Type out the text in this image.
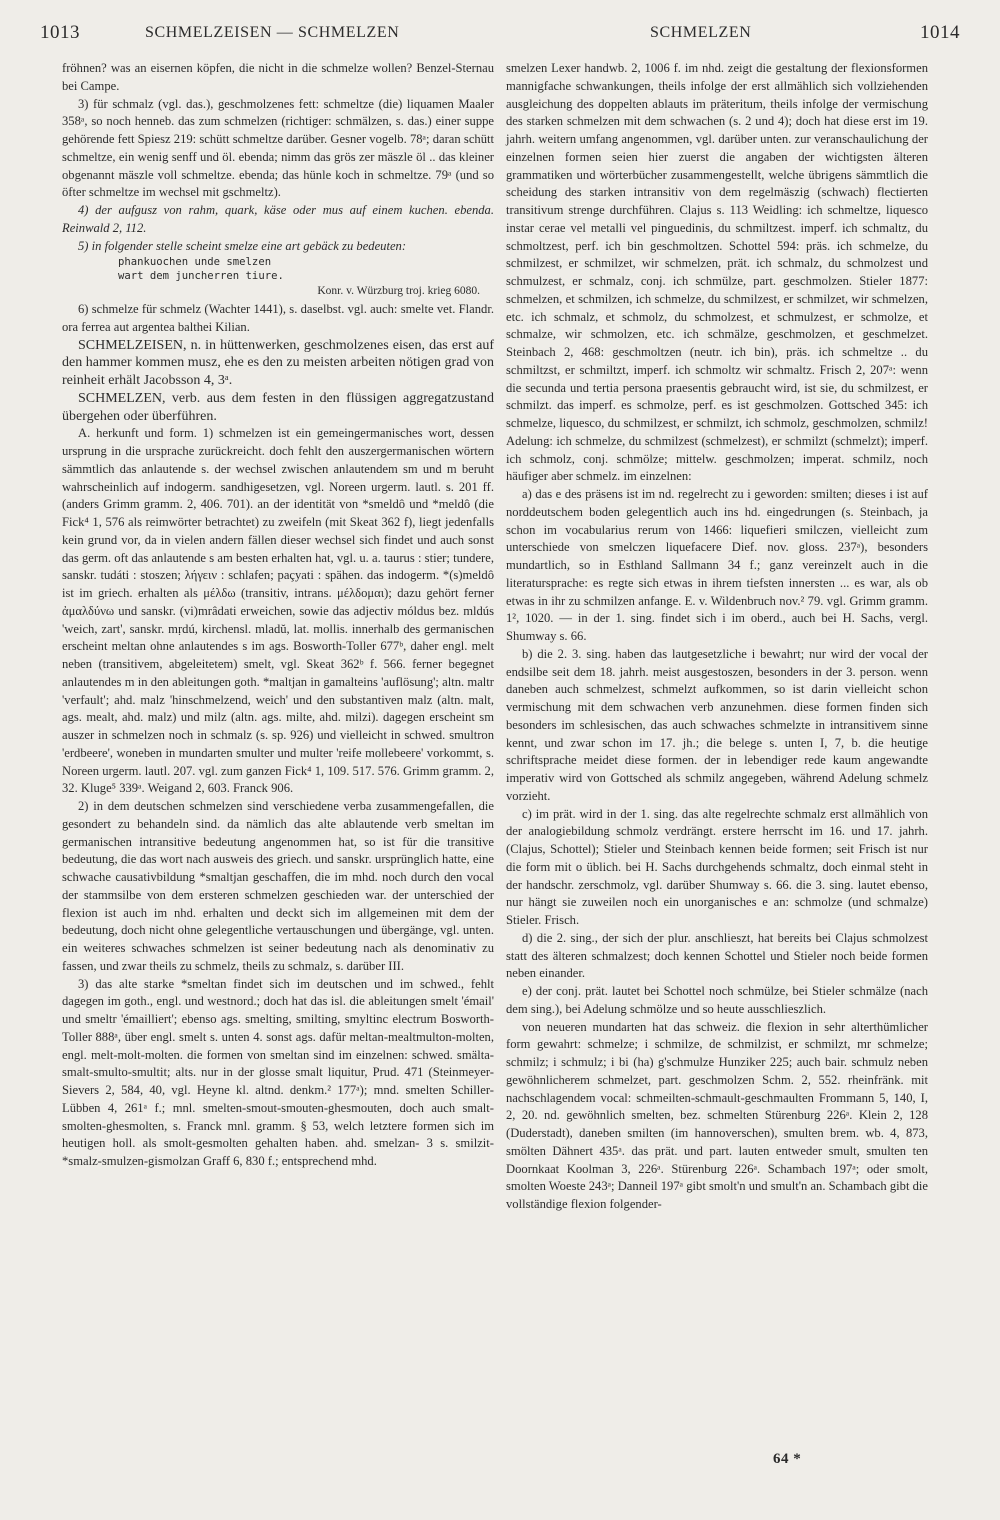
1013	SCHMELZEISEN — SCHMELZEN	SCHMELZEN	1014

fröhnen? was an eisernen köpfen, die nicht in die schmelze wollen? Benzel-Sternau bei Campe.

3) für schmalz (vgl. das.), geschmolzenes fett: schmeltze (die) liquamen Maaler 358ᵃ, so noch henneb. das zum schmelzen (richtiger: schmälzen, s. das.) einer suppe gehörende fett Spiesz 219: schütt schmeltze darüber. Gesner vogelb. 78ᵃ; daran schütt schmeltze, ein wenig senff und öl. ebenda; nimm das grös zer mäszle öl .. das kleiner obgenannt mäszle voll schmeltze. ebenda; das hünle koch in schmeltze. 79ᵃ (und so öfter schmeltze im wechsel mit gschmeltz).

4) der aufgusz von rahm, quark, käse oder mus auf einem kuchen. ebenda. Reinwald 2, 112.

5) in folgender stelle scheint smelze eine art gebäck zu bedeuten:

phankuochen unde smelzen

wart dem juncherren tiure.

Konr. v. Würzburg troj. krieg 6080.

6) schmelze für schmelz (Wachter 1441), s. daselbst. vgl. auch: smelte vet. Flandr. ora ferrea aut argentea balthei Kilian.

SCHMELZEISEN, n. in hüttenwerken, geschmolzenes eisen, das erst auf den hammer kommen musz, ehe es den zu meisten arbeiten nötigen grad von reinheit erhält Jacobsson 4, 3ᵃ.

SCHMELZEN, verb. aus dem festen in den flüssigen aggregatzustand übergehen oder überführen.

A. herkunft und form. 1) schmelzen ist ein gemeingermanisches wort, dessen ursprung in die ursprache zurückreicht. doch fehlt den auszergermanischen wörtern sämmtlich das anlautende s. der wechsel zwischen anlautendem sm und m beruht wahrscheinlich auf indogerm. sandhigesetzen, vgl. Noreen urgerm. lautl. s. 201 ff. (anders Grimm gramm. 2, 406. 701). an der identität von *smeldô und *meldô (die Fick⁴ 1, 576 als reimwörter betrachtet) zu zweifeln (mit Skeat 362 f), liegt jedenfalls kein grund vor, da in vielen andern fällen dieser wechsel sich findet und auch sonst das germ. oft das anlautende s am besten erhalten hat, vgl. u. a. taurus : stier; tundere, sanskr. tudáti : stoszen; λήγειν : schlafen; paçyati : spähen. das indogerm. *(s)meldô ist im griech. erhalten als μέλδω (transitiv, intrans. μέλδομαι); dazu gehört ferner ἀμαλδύνω und sanskr. (vi)mrâdati erweichen, sowie das adjectiv móldus bez. mldús 'weich, zart', sanskr. mṛdú, kirchensl. mladŭ, lat. mollis. innerhalb des germanischen erscheint meltan ohne anlautendes s im ags. Bosworth-Toller 677ᵇ, daher engl. melt neben (transitivem, abgeleitetem) smelt, vgl. Skeat 362ᵇ f. 566. ferner begegnet anlautendes m in den ableitungen goth. *maltjan in gamalteins 'auflösung'; altn. maltr 'verfault'; ahd. malz 'hinschmelzend, weich' und den substantiven malz (altn. malt, ags. mealt, ahd. malz) und milz (altn. ags. milte, ahd. milzi). dagegen erscheint sm auszer in schmelzen noch in schmalz (s. sp. 926) und vielleicht in schwed. smultron 'erdbeere', woneben in mundarten smulter und multer 'reife mollebeere' vorkommt, s. Noreen urgerm. lautl. 207. vgl. zum ganzen Fick⁴ 1, 109. 517. 576. Grimm gramm. 2, 32. Kluge⁵ 339ᵃ. Weigand 2, 603. Franck 906.

2) in dem deutschen schmelzen sind verschiedene verba zusammengefallen, die gesondert zu behandeln sind. da nämlich das alte ablautende verb smeltan im germanischen intransitive bedeutung angenommen hat, so ist für die transitive bedeutung, die das wort nach ausweis des griech. und sanskr. ursprünglich hatte, eine schwache causativbildung *smaltjan geschaffen, die im mhd. noch durch den vocal der stammsilbe von dem ersteren schmelzen geschieden war. der unterschied der flexion ist auch im nhd. erhalten und deckt sich im allgemeinen mit dem der bedeutung, doch nicht ohne gelegentliche vertauschungen und übergänge, vgl. unten. ein weiteres schwaches schmelzen ist seiner bedeutung nach als denominativ zu fassen, und zwar theils zu schmelz, theils zu schmalz, s. darüber III.

3) das alte starke *smeltan findet sich im deutschen und im schwed., fehlt dagegen im goth., engl. und westnord.; doch hat das isl. die ableitungen smelt 'émail' und smeltr 'émailliert'; ebenso ags. smelting, smilting, smyltinc electrum Bosworth-Toller 888ᵃ, über engl. smelt s. unten 4. sonst ags. dafür meltan-mealtmulton-molten, engl. melt-molt-molten. die formen von smeltan sind im einzelnen: schwed. smälta-smalt-smulto-smultit; alts. nur in der glosse smalt liquitur, Prud. 471 (Steinmeyer-Sievers 2, 584, 40, vgl. Heyne kl. altnd. denkm.² 177ᵃ); mnd. smelten Schiller-Lübben 4, 261ᵃ f.; mnl. smelten-smout-smouten-ghesmouten, doch auch smalt-smolten-ghesmolten, s. Franck mnl. gramm. § 53, welch letztere formen sich im heutigen holl. als smolt-gesmolten gehalten haben. ahd. smelzan- 3 s. smilzit- *smalz-smulzen-gismolzan Graff 6, 830 f.; entsprechend mhd.

smelzen Lexer handwb. 2, 1006 f. im nhd. zeigt die gestaltung der flexionsformen mannigfache schwankungen, theils infolge der erst allmählich sich vollziehenden ausgleichung des doppelten ablauts im präteritum, theils infolge der vermischung des starken schmelzen mit dem schwachen (s. 2 und 4); doch hat diese erst im 19. jahrh. weitern umfang angenommen, vgl. darüber unten. zur veranschaulichung der einzelnen formen seien hier zuerst die angaben der wichtigsten älteren grammatiken und wörterbücher zusammengestellt, welche übrigens sämmtlich die scheidung des starken intransitiv von dem regelmäszig (schwach) flectierten transitivum strenge durchführen. Clajus s. 113 Weidling: ich schmeltze, liquesco instar cerae vel metalli vel pinguedinis, du schmiltzest. imperf. ich schmaltz, du schmoltzest, perf. ich bin geschmoltzen. Schottel 594: präs. ich schmelze, du schmilzest, er schmilzet, wir schmelzen, prät. ich schmalz, du schmolzest und schmulzest, er schmalz, conj. ich schmülze, part. geschmolzen. Stieler 1877: schmelzen, et schmilzen, ich schmelze, du schmilzest, er schmilzet, wir schmelzen, etc. ich schmalz, et schmolz, du schmolzest, et schmulzest, er schmolze, et schmalze, wir schmolzen, etc. ich schmälze, geschmolzen, et geschmelzet. Steinbach 2, 468: geschmoltzen (neutr. ich bin), präs. ich schmeltze .. du schmiltzst, er schmiltzt, imperf. ich schmoltz wir schmaltz. Frisch 2, 207ᵃ: wenn die secunda und tertia persona praesentis gebraucht wird, ist sie, du schmilzest, er schmilzt. das imperf. es schmolze, perf. es ist geschmolzen. Gottsched 345: ich schmelze, liquesco, du schmilzest, er schmilzt, ich schmolz, geschmolzen, schmilz! Adelung: ich schmelze, du schmilzest (schmelzest), er schmilzt (schmelzt); imperf. ich schmolz, conj. schmölze; mittelw. geschmolzen; imperat. schmilz, noch häufiger aber schmelz. im einzelnen:

a) das e des präsens ist im nd. regelrecht zu i geworden: smilten; dieses i ist auf norddeutschem boden gelegentlich auch ins hd. eingedrungen (s. Steinbach, ja schon im vocabularius rerum von 1466: liquefieri smilczen, vielleicht zum unterschiede von smelczen liquefacere Dief. nov. gloss. 237ᵃ), besonders mundartlich, so in Esthland Sallmann 34 f.; ganz vereinzelt auch in die literatursprache: es regte sich etwas in ihrem tiefsten innersten ... es war, als ob etwas in ihr zu schmilzen anfange. E. v. Wildenbruch nov.² 79. vgl. Grimm gramm. 1², 1020. — in der 1. sing. findet sich i im oberd., auch bei H. Sachs, vergl. Shumway s. 66.

b) die 2. 3. sing. haben das lautgesetzliche i bewahrt; nur wird der vocal der endsilbe seit dem 18. jahrh. meist ausgestoszen, besonders in der 3. person. wenn daneben auch schmelzest, schmelzt aufkommen, so ist darin vielleicht schon vermischung mit dem schwachen verb anzunehmen. diese formen finden sich besonders im schlesischen, das auch schwaches schmelzte in intransitivem sinne kennt, und zwar schon im 17. jh.; die belege s. unten I, 7, b. die heutige schriftsprache meidet diese formen. der in lebendiger rede kaum angewandte imperativ wird von Gottsched als schmilz angegeben, während Adelung schmelz vorzieht.

c) im prät. wird in der 1. sing. das alte regelrechte schmalz erst allmählich von der analogiebildung schmolz verdrängt. erstere herrscht im 16. und 17. jahrh. (Clajus, Schottel); Stieler und Steinbach kennen beide formen; seit Frisch ist nur die form mit o üblich. bei H. Sachs durchgehends schmaltz, doch einmal steht in der handschr. zerschmolz, vgl. darüber Shumway s. 66. die 3. sing. lautet ebenso, nur hängt sie zuweilen noch ein unorganisches e an: schmolze (und schmalze) Stieler. Frisch.

d) die 2. sing., der sich der plur. anschlieszt, hat bereits bei Clajus schmolzest statt des älteren schmalzest; doch kennen Schottel und Stieler noch beide formen neben einander.

e) der conj. prät. lautet bei Schottel noch schmülze, bei Stieler schmälze (nach dem sing.), bei Adelung schmölze und so heute ausschlieszlich.

von neueren mundarten hat das schweiz. die flexion in sehr alterthümlicher form gewahrt: schmelze; i schmilze, de schmilzist, er schmilzt, mr schmelze; schmilz; i schmulz; i bi (ha) g'schmulze Hunziker 225; auch bair. schmulz neben gewöhnlicherem schmelzet, part. geschmolzen Schm. 2, 552. rheinfränk. mit nachschlagendem vocal: schmeilten-schmault-geschmaulten Frommann 5, 140, I, 2, 20. nd. gewöhnlich smelten, bez. schmelten Stürenburg 226ᵃ. Klein 2, 128 (Duderstadt), daneben smilten (im hannoverschen), smulten brem. wb. 4, 873, smölten Dähnert 435ᵃ. das prät. und part. lauten entweder smult, smulten ten Doornkaat Koolman 3, 226ᵃ. Stürenburg 226ᵃ. Schambach 197ᵃ; oder smolt, smolten Woeste 243ᵃ; Danneil 197ᵃ gibt smolt'n und smult'n an. Schambach gibt die vollständige flexion folgender-

64 *
